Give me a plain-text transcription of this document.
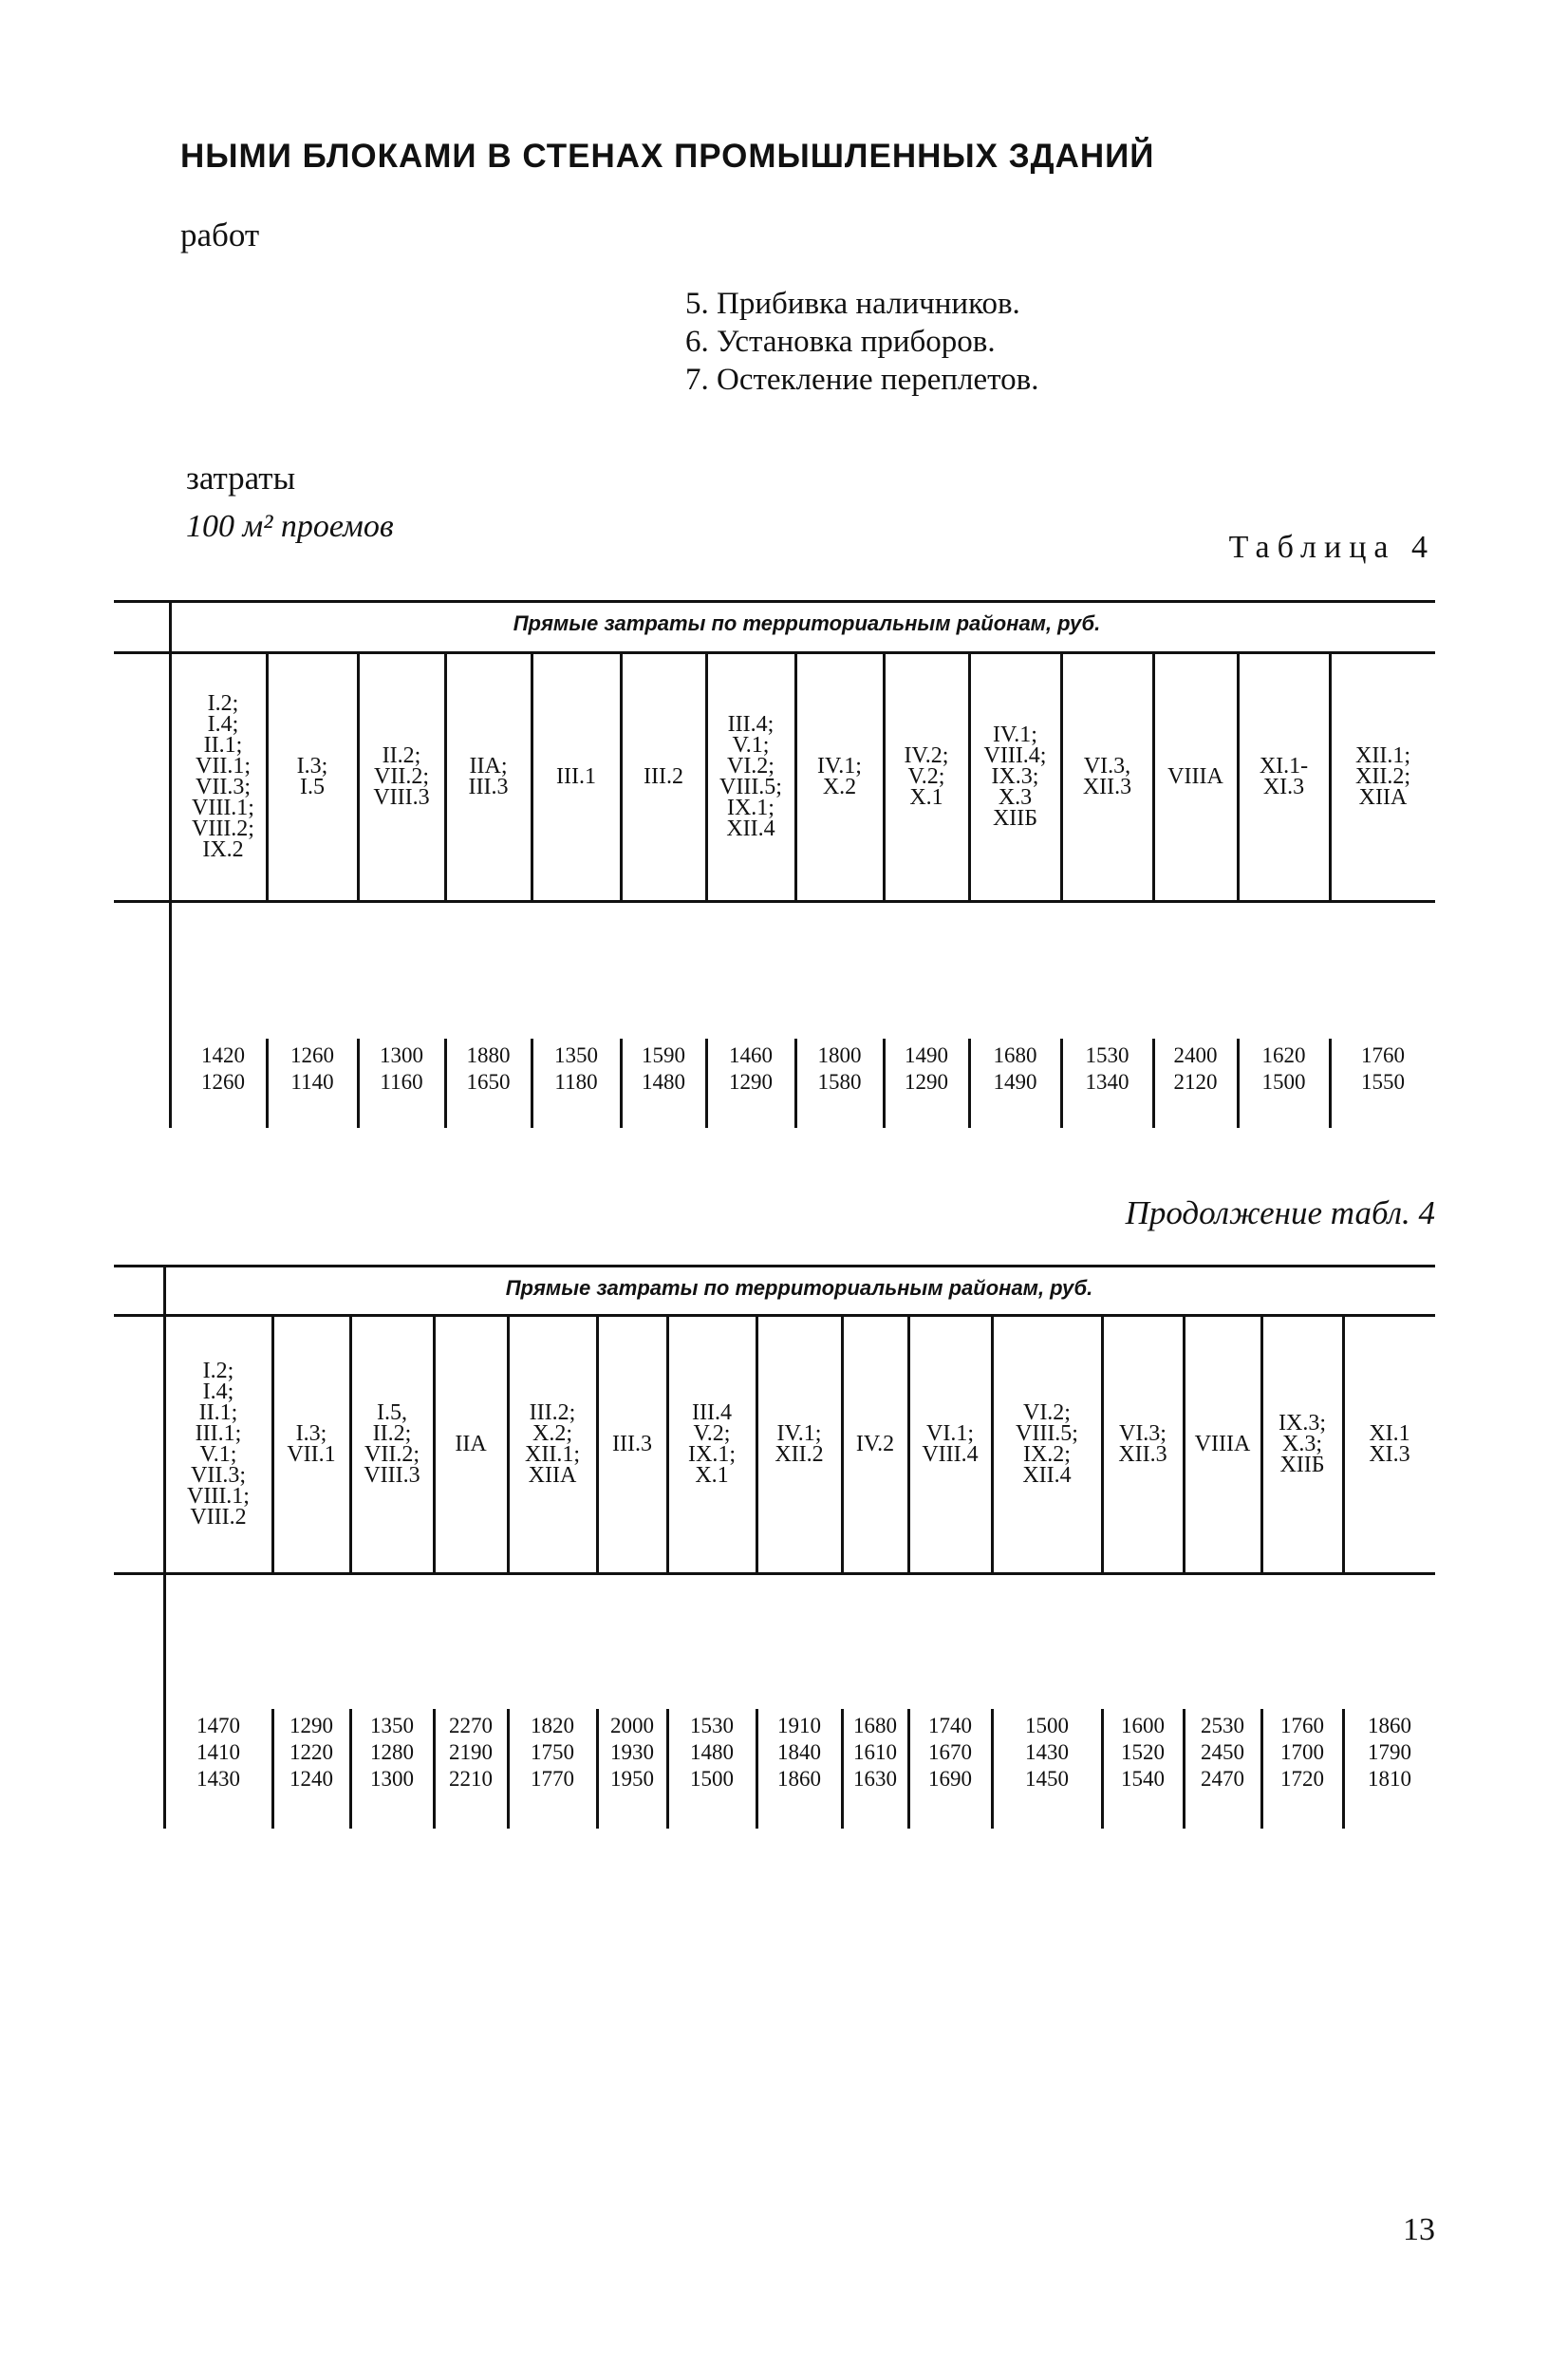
НЫМИ БЛОКАМИ В СТЕНАХ ПРОМЫШЛЕННЫХ ЗДАНИЙ
работ
5. Прибивка наличников.
6. Установка приборов.
7. Остекление переплетов.
затраты
100 м² проемов
Таблица 4
Прямые затраты по территориальным районам, руб.
I.2;
I.4;
II.1;
VII.1;
VII.3;
VIII.1;
VIII.2;
IX.2
1420
1260
I.3;
I.5
1260
1140
II.2;
VII.2;
VIII.3
1300
1160
IIA;
III.3
1880
1650
III.1
1350
1180
III.2
1590
1480
III.4;
V.1;
VI.2;
VIII.5;
IX.1;
XII.4
1460
1290
IV.1;
X.2
1800
1580
IV.2;
V.2;
X.1
1490
1290
IV.1;
VIII.4;
IX.3;
X.3
XIIБ
1680
1490
VI.3,
XII.3
1530
1340
VIIIA
2400
2120
XI.1-
XI.3
1620
1500
XII.1;
XII.2;
XIIA
1760
1550
Продолжение табл. 4
Прямые затраты по территориальным районам, руб.
I.2;
I.4;
II.1;
III.1;
V.1;
VII.3;
VIII.1;
VIII.2
1470
1410
1430
I.3;
VII.1
1290
1220
1240
I.5,
II.2;
VII.2;
VIII.3
1350
1280
1300
IIA
2270
2190
2210
III.2;
X.2;
XII.1;
XIIA
1820
1750
1770
III.3
2000
1930
1950
III.4
V.2;
IX.1;
X.1
1530
1480
1500
IV.1;
XII.2
1910
1840
1860
IV.2
1680
1610
1630
VI.1;
VIII.4
1740
1670
1690
VI.2;
VIII.5;
IX.2;
XII.4
1500
1430
1450
VI.3;
XII.3
1600
1520
1540
VIIIA
2530
2450
2470
IX.3;
X.3;
XIIБ
1760
1700
1720
XI.1
XI.3
1860
1790
1810
13
